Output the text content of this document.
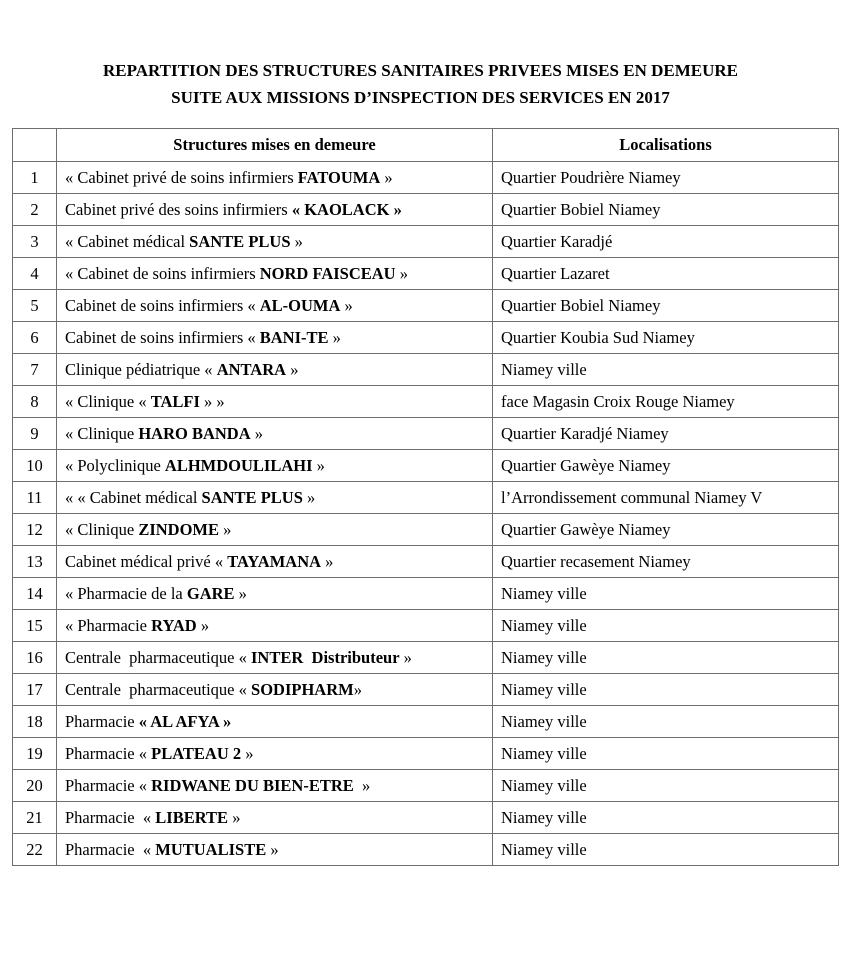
REPARTITION DES STRUCTURES SANITAIRES PRIVEES MISES EN DEMEURE
SUITE AUX MISSIONS D’INSPECTION DES SERVICES EN 2017
	Structures mises en demeure	Localisations
1	« Cabinet privé de soins infirmiers FATOUMA »	Quartier Poudrière Niamey
2	Cabinet privé des soins infirmiers « KAOLACK »	Quartier Bobiel Niamey
3	« Cabinet médical SANTE PLUS »	Quartier Karadjé
4	« Cabinet de soins infirmiers NORD FAISCEAU »	Quartier Lazaret
5	Cabinet de soins infirmiers « AL-OUMA »	Quartier Bobiel Niamey
6	Cabinet de soins infirmiers « BANI-TE »	Quartier Koubia Sud Niamey
7	Clinique pédiatrique « ANTARA »	Niamey ville
8	« Clinique « TALFI » »	face Magasin Croix Rouge Niamey
9	« Clinique HARO BANDA »	Quartier Karadjé Niamey
10	« Polyclinique ALHMDOULILAHI »	Quartier Gawèye Niamey
11	« « Cabinet médical SANTE PLUS »	l’Arrondissement communal Niamey V
12	« Clinique ZINDOME »	Quartier Gawèye Niamey
13	Cabinet médical privé « TAYAMANA »	Quartier recasement Niamey
14	« Pharmacie de la GARE »	Niamey ville
15	« Pharmacie RYAD »	Niamey ville
16	Centrale  pharmaceutique « INTER  Distributeur »	Niamey ville
17	Centrale  pharmaceutique « SODIPHARM»	Niamey ville
18	Pharmacie « AL AFYA »	Niamey ville
19	Pharmacie « PLATEAU 2 »	Niamey ville
20	Pharmacie « RIDWANE DU BIEN-ETRE  »	Niamey ville
21	Pharmacie  « LIBERTE »	Niamey ville
22	Pharmacie  « MUTUALISTE »	Niamey ville
